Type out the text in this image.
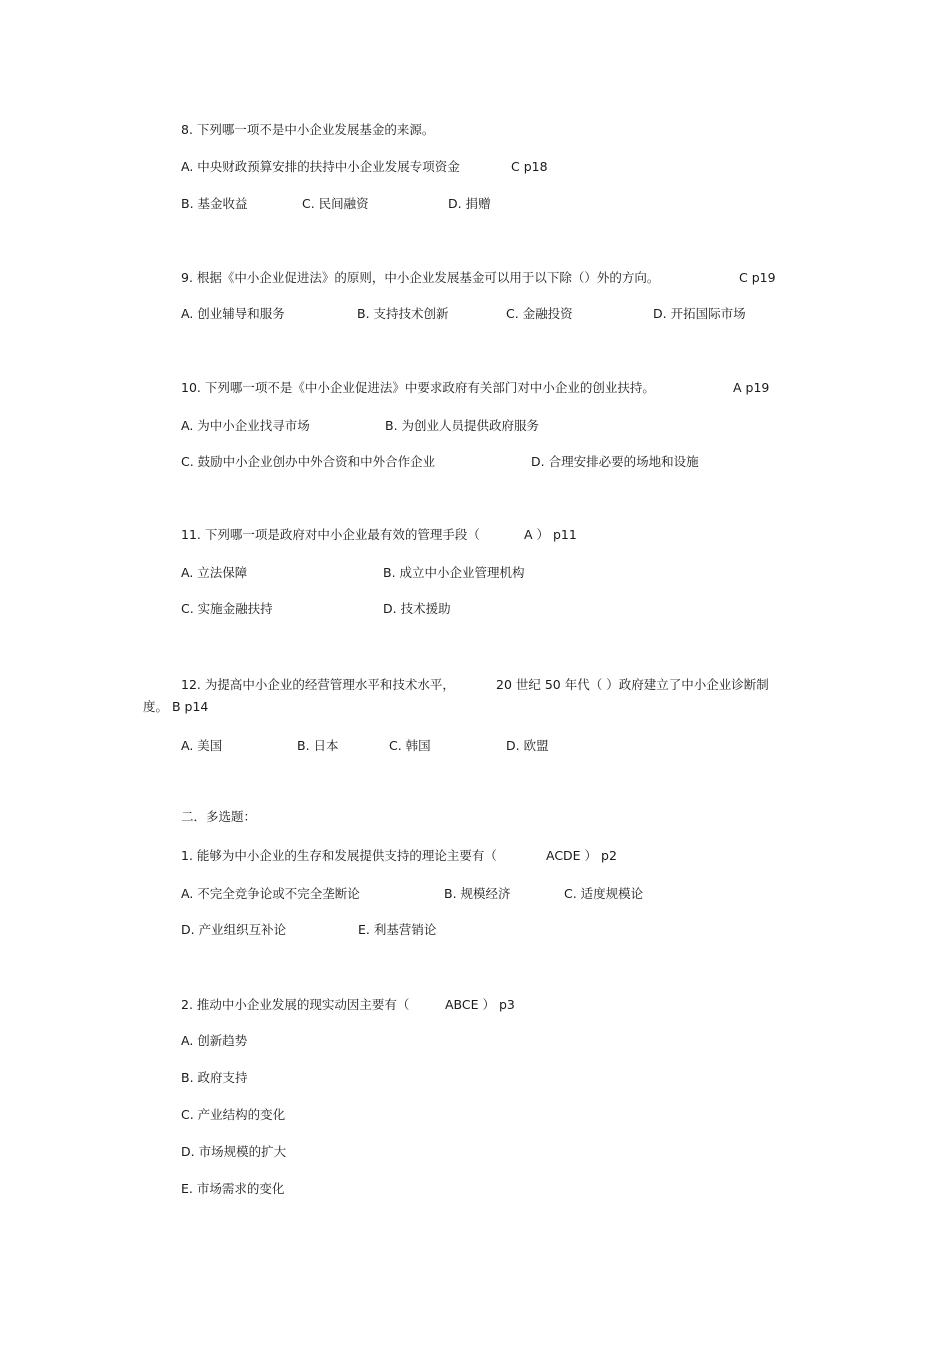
8. 下列哪一项不是中小企业发展基金的来源。
A. 中央财政预算安排的扶持中小企业发展专项资金	C p18
B. 基金收益	C. 民间融资	D. 捐赠
9. 根据《中小企业促进法》的原则，中小企业发展基金可以用于以下除（）外的方向。	C p19
A. 创业辅导和服务	B. 支持技术创新	C. 金融投资	D. 开拓国际市场
10. 下列哪一项不是《中小企业促进法》中要求政府有关部门对中小企业的创业扶持。	A p19
A. 为中小企业找寻市场	B. 为创业人员提供政府服务
C. 鼓励中小企业创办中外合资和中外合作企业	D. 合理安排必要的场地和设施
11. 下列哪一项是政府对中小企业最有效的管理手段（	A ） p11
A. 立法保障	B. 成立中小企业管理机构
C. 实施金融扶持	D. 技术援助
12. 为提高中小企业的经营管理水平和技术水平，	20 世纪 50 年代（ ）政府建立了中小企业诊断制
度。 B p14
A. 美国	B. 日本	C. 韩国	D. 欧盟
二．多选题：
1. 能够为中小企业的生存和发展提供支持的理论主要有（	ACDE ） p2
A. 不完全竞争论或不完全垄断论	B. 规模经济	C. 适度规模论
D. 产业组织互补论	E. 利基营销论
2. 推动中小企业发展的现实动因主要有（	ABCE ） p3
A. 创新趋势
B. 政府支持
C. 产业结构的变化
D. 市场规模的扩大
E. 市场需求的变化
